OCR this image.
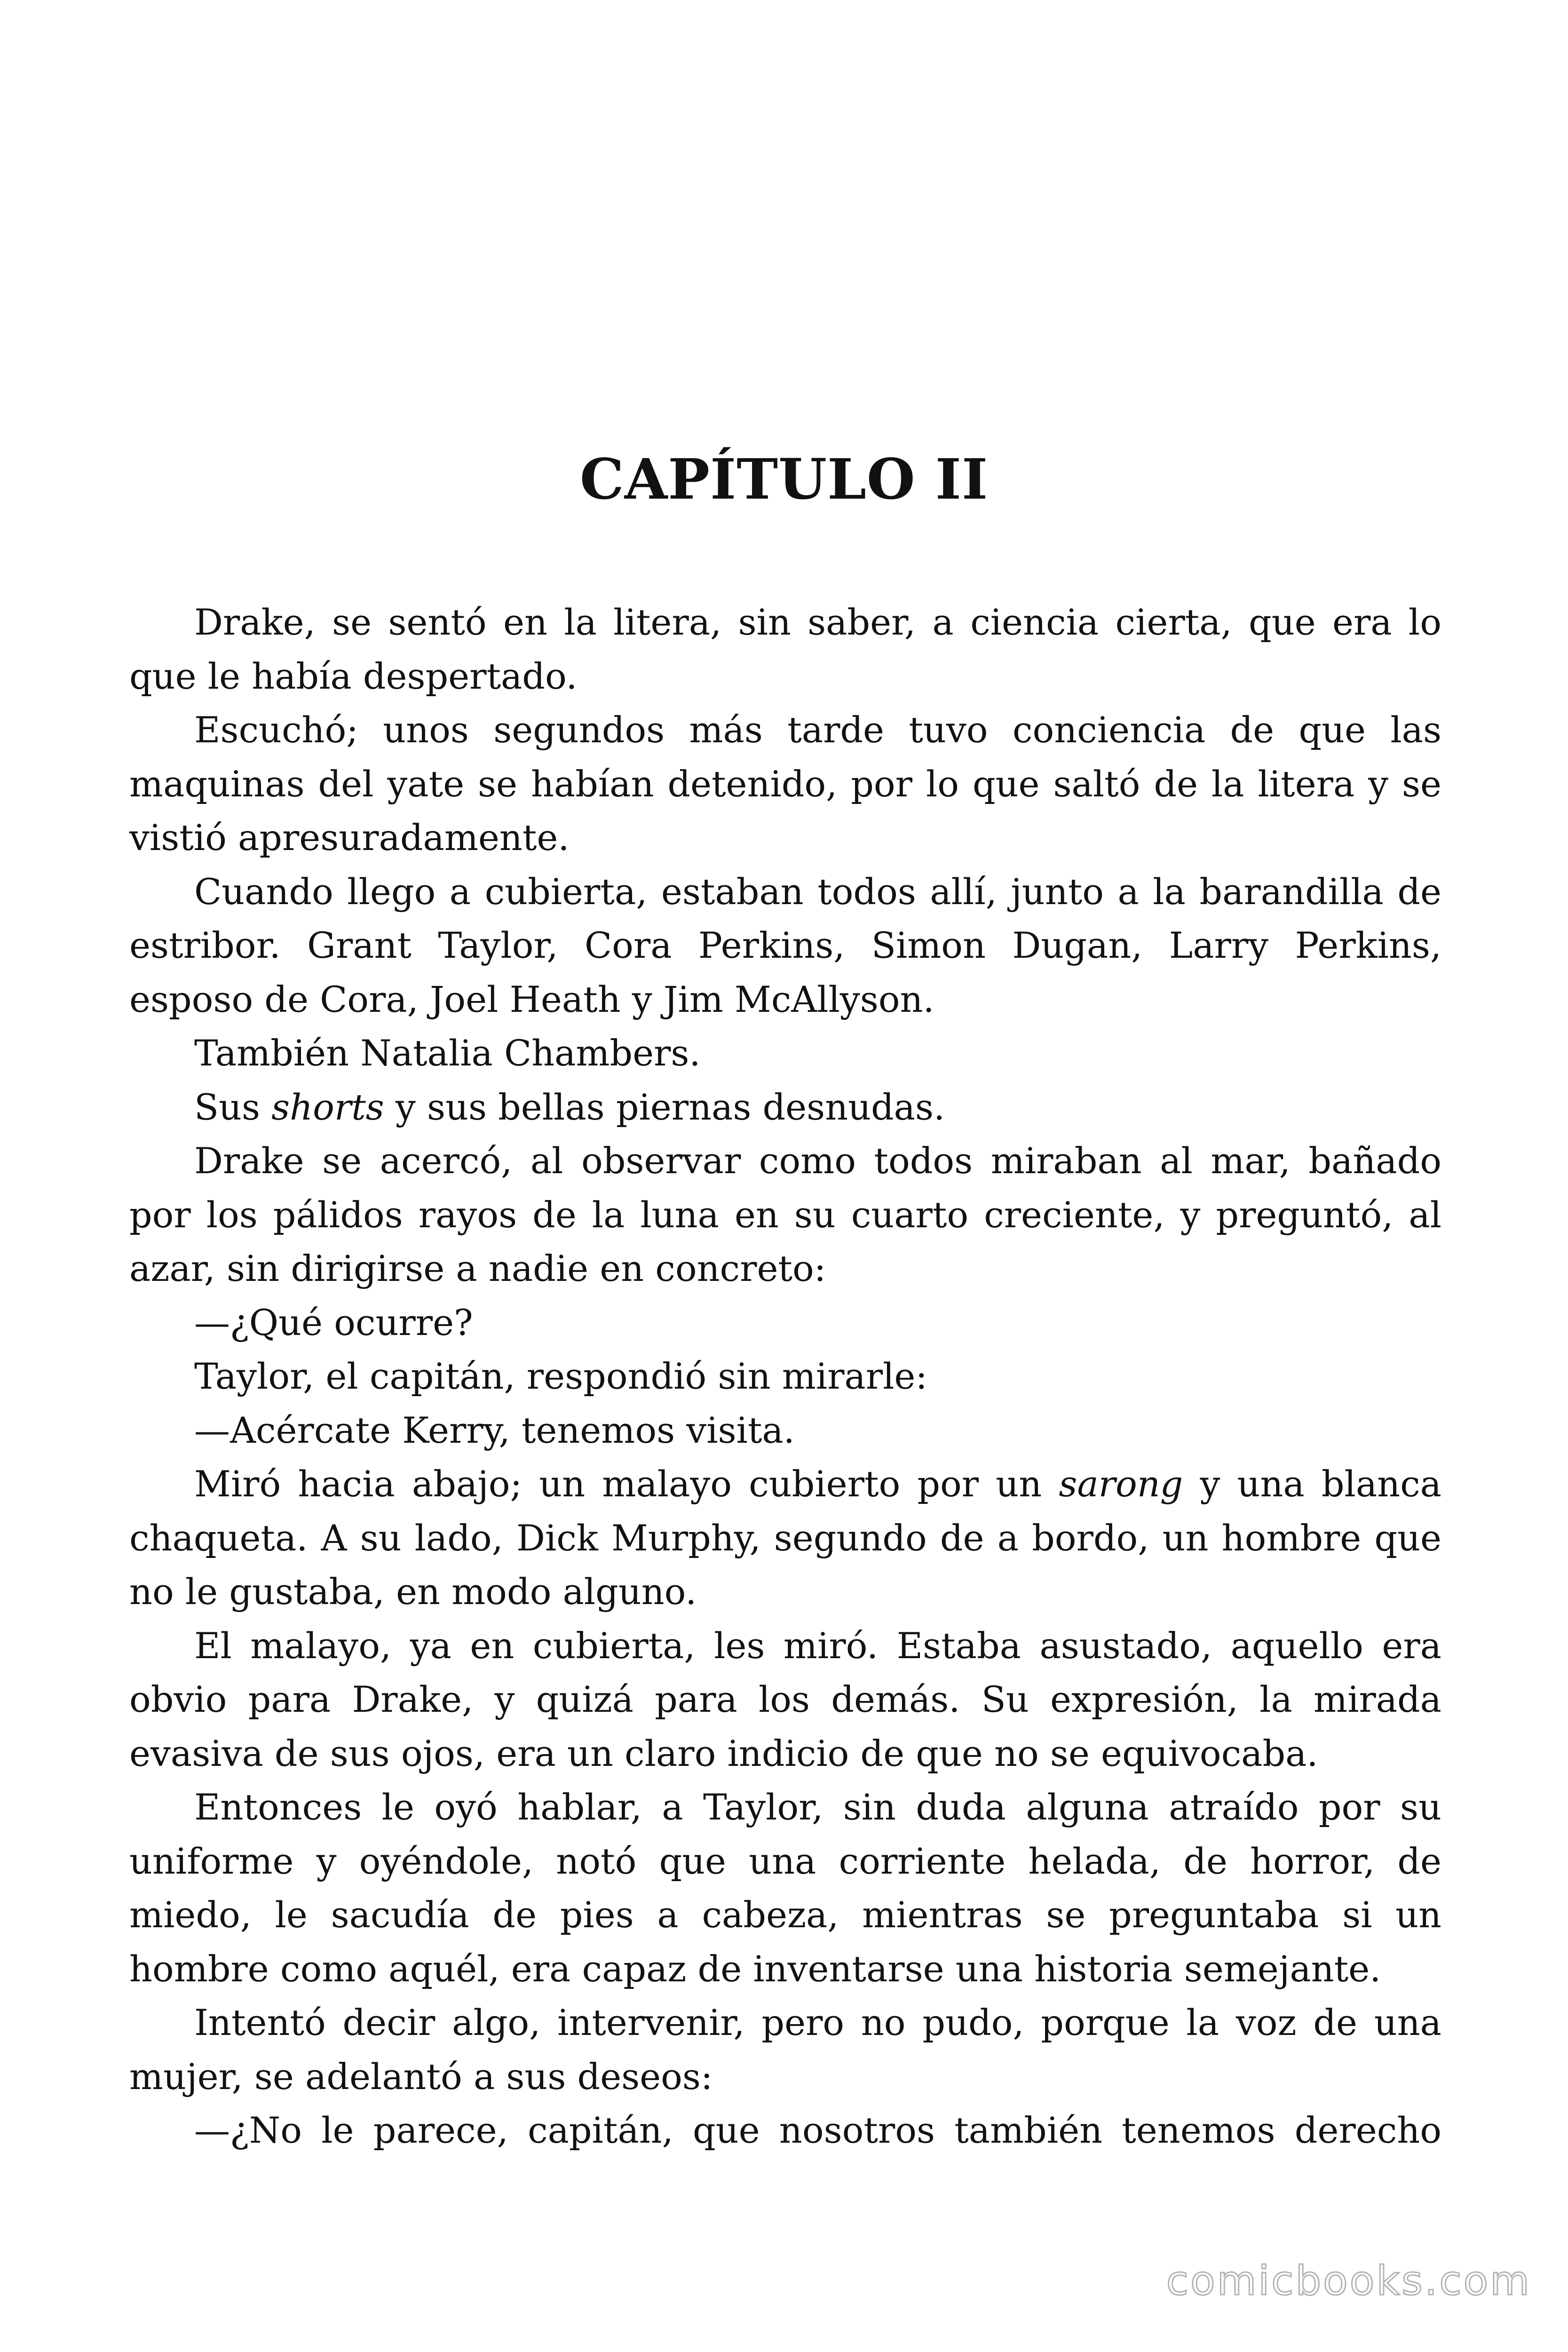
CAPÍTULO II

Drake, se sentó en la litera, sin saber, a ciencia cierta, que era lo que le había despertado.

Escuchó; unos segundos más tarde tuvo conciencia de que las maquinas del yate se habían detenido, por lo que saltó de la litera y se vistió apresuradamente.

Cuando llego a cubierta, estaban todos allí, junto a la barandilla de estribor. Grant Taylor, Cora Perkins, Simon Dugan, Larry Perkins, esposo de Cora, Joel Heath y Jim McAllyson.

También Natalia Chambers.

Sus shorts y sus bellas piernas desnudas.

Drake se acercó, al observar como todos miraban al mar, bañado por los pálidos rayos de la luna en su cuarto creciente, y preguntó, al azar, sin dirigirse a nadie en concreto:

—¿Qué ocurre?

Taylor, el capitán, respondió sin mirarle:

—Acércate Kerry, tenemos visita.

Miró hacia abajo; un malayo cubierto por un sarong y una blanca chaqueta. A su lado, Dick Murphy, segundo de a bordo, un hombre que no le gustaba, en modo alguno.

El malayo, ya en cubierta, les miró. Estaba asustado, aquello era obvio para Drake, y quizá para los demás. Su expresión, la mirada evasiva de sus ojos, era un claro indicio de que no se equivocaba.

Entonces le oyó hablar, a Taylor, sin duda alguna atraído por su uniforme y oyéndole, notó que una corriente helada, de horror, de miedo, le sacudía de pies a cabeza, mientras se preguntaba si un hombre como aquél, era capaz de inventarse una historia semejante.

Intentó decir algo, intervenir, pero no pudo, porque la voz de una mujer, se adelantó a sus deseos:

—¿No le parece, capitán, que nosotros también tenemos derecho

comicbooks.com
